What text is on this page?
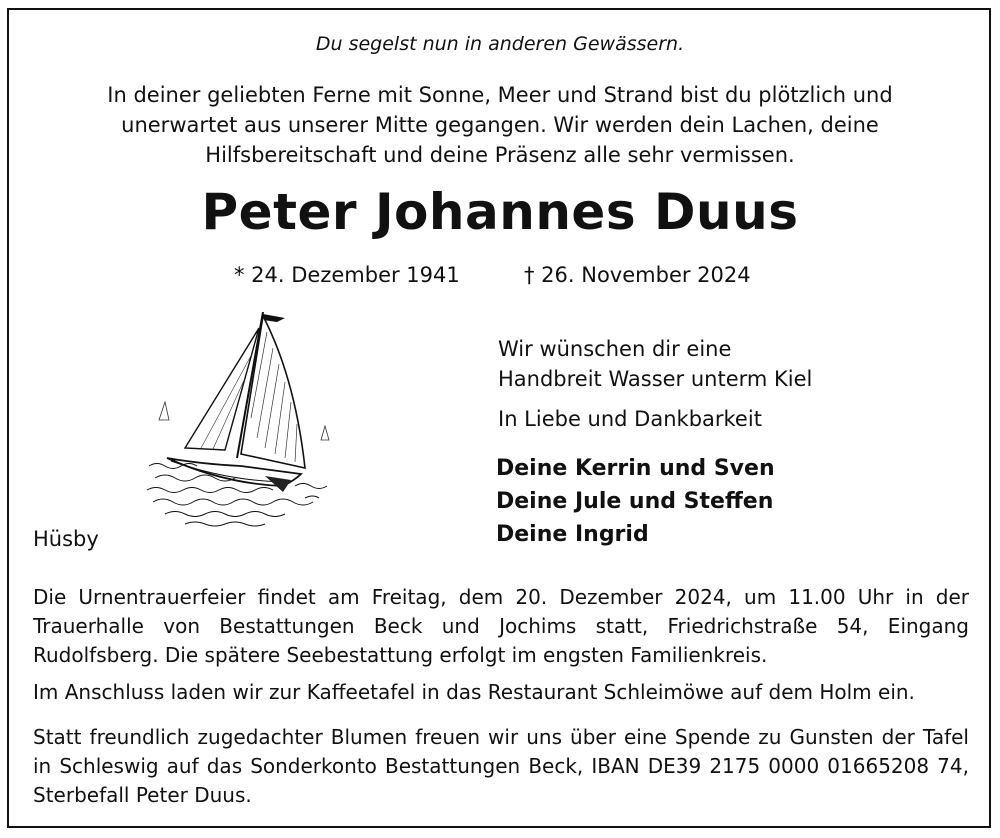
Du segelst nun in anderen Gewässern.
In deiner geliebten Ferne mit Sonne, Meer und Strand bist du plötzlich und
unerwartet aus unserer Mitte gegangen. Wir werden dein Lachen, deine
Hilfsbereitschaft und deine Präsenz alle sehr vermissen.
Peter Johannes Duus
* 24. Dezember 1941	† 26. November 2024
Wir wünschen dir eine
Handbreit Wasser unterm Kiel
In Liebe und Dankbarkeit
Deine Kerrin und Sven
Deine Jule und Steffen
Deine Ingrid
Hüsby
Die Urnentrauerfeier findet am Freitag, dem 20. Dezember 2024, um 11.00 Uhr in der Trauerhalle von Bestattungen Beck und Jochims statt, Friedrichstraße 54, Eingang Rudolfsberg. Die spätere Seebestattung erfolgt im engsten Familienkreis.
Im Anschluss laden wir zur Kaffeetafel in das Restaurant Schleimöwe auf dem Holm ein.
Statt freundlich zugedachter Blumen freuen wir uns über eine Spende zu Gunsten der Tafel in Schleswig auf das Sonderkonto Bestattungen Beck, IBAN DE39 2175 0000 01665208 74, Sterbefall Peter Duus.
